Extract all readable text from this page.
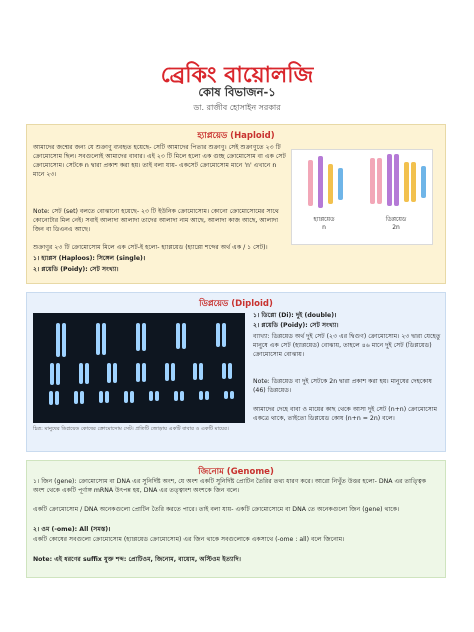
ব্রেকিং বায়োলজি
কোষ বিভাজন-১
ডা. রাজীব হোসাইন সরকার
হ্যাপ্লয়েড (Haploid)
আমাদের জন্মের জন্য যে শুক্রাণু ব্যবহৃত হয়েছে- সেটি আমাদের পিতার শুক্রাণু। সেই শুক্রাণুতে ২৩ টি ক্রোমোসোম ছিল। সবগুলোই আমাদের বাবার। এই ২৩ টি মিলে হলো এক গুচ্ছ ক্রোমোসোম বা এক সেট ক্রোমোসোম। সেটকে n দ্বারা প্রকাশ করা হয়। তাই বলা যায়- একসেট ক্রোমোসোম মানে 'n' এখানে n মানে ২৩।
Note: সেট (set) বলতে বোঝানো হয়েছে- ২৩ টি ইউনিক ক্রোমোসোম। কোনো ক্রোমোসোমের সাথে কোনোটার মিল নেই। সবাই আলাদা আলাদা তাদের আলাদা নাম আছে, আলাদা কাজ আছে, আলাদা জিন বা ডিএনএ আছে।
শুক্রাণুর ২৩ টি ক্রোমোসোম মিলে এক সেট-ই হলো- হ্যাপ্লয়েড (হ্যাপ্লো শব্দের অর্থ এক / ১ সেট)।
১। হ্যাপ্লস (Haploos): সিঙ্গেল (single)।
২। প্লয়েডি (Poidy): সেট সংখ্যা।
হ্যাপ্লয়েড
n
ডিপ্লয়েড
2n
ডিপ্লয়েড (Diploid)
চিত্র: মানুষের ডিপ্লয়েড কোষের ক্রোমোসোম সেট। প্রতিটি জোড়ায় একটি বাবার ও একটি মায়ের।
১। ডিপ্লো (Di): দুই (double)।
২। প্লয়েডি (Poidy): সেট সংখ্যা।
ব্যাখ্যা: ডিপ্লয়েড অর্থ দুই সেট (২৩ এর দ্বিগুণ) ক্রোমোসোম। ২৩ দ্বারা যেহেতু মানুষে এক সেট (হ্যাপ্লয়েড) বোঝায়, তাহলে ৪৬ মানে দুই সেট (ডিপ্লয়েড) ক্রোমোসোম বোঝায়।
Note: ডিপ্লয়েড বা দুই সেটকে 2n দ্বারা প্রকাশ করা হয়। মানুষের দেহকোষ (46) ডিপ্লয়েড।
আমাদের দেহে বাবা ও মায়ের কাছ থেকে আসা দুই সেট (n+n) ক্রোমোসোম একত্রে থাকে, তাইতো ডিপ্লয়েড কোষ (n+n = 2n) বলে।
জিনোম (Genome)
১। জিন (gene): ক্রোমোসোম বা DNA এর সুনির্দিষ্ট অংশ, যে অংশ একটি সুনির্দিষ্ট প্রোটিন তৈরির তথ্য ধারণ করে। আরো নিখুঁত উত্তর হলো- DNA এর তাত্ত্বিক অংশ থেকে একটি পূর্ণাঙ্গ mRNA উৎপন্ন হয়, DNA এর তত্ত্বাংশ অংশকে জিন বলে।
একটি ক্রোমোসোম / DNA অনেকগুলো প্রোটিন তৈরি করতে পারে। তাই বলা যায়- একটি ক্রোমোসোমে বা DNA তে অনেকগুলো জিন (gene) থাকে।
২। ওম (-ome): All (সমস্ত)।
একটি কোষের সবগুলো ক্রোমোসোম (হ্যাপ্লয়েড ক্রোমোসোম) এর জিন থাকে সবগুলোকে একসাথে (-ome : all) বলে জিনোম।
Note: এই ধরণের suffix যুক্ত শব্দ: প্রোটিওম, জিনোম, বায়োম, অস্টিওম ইত্যাদি।
